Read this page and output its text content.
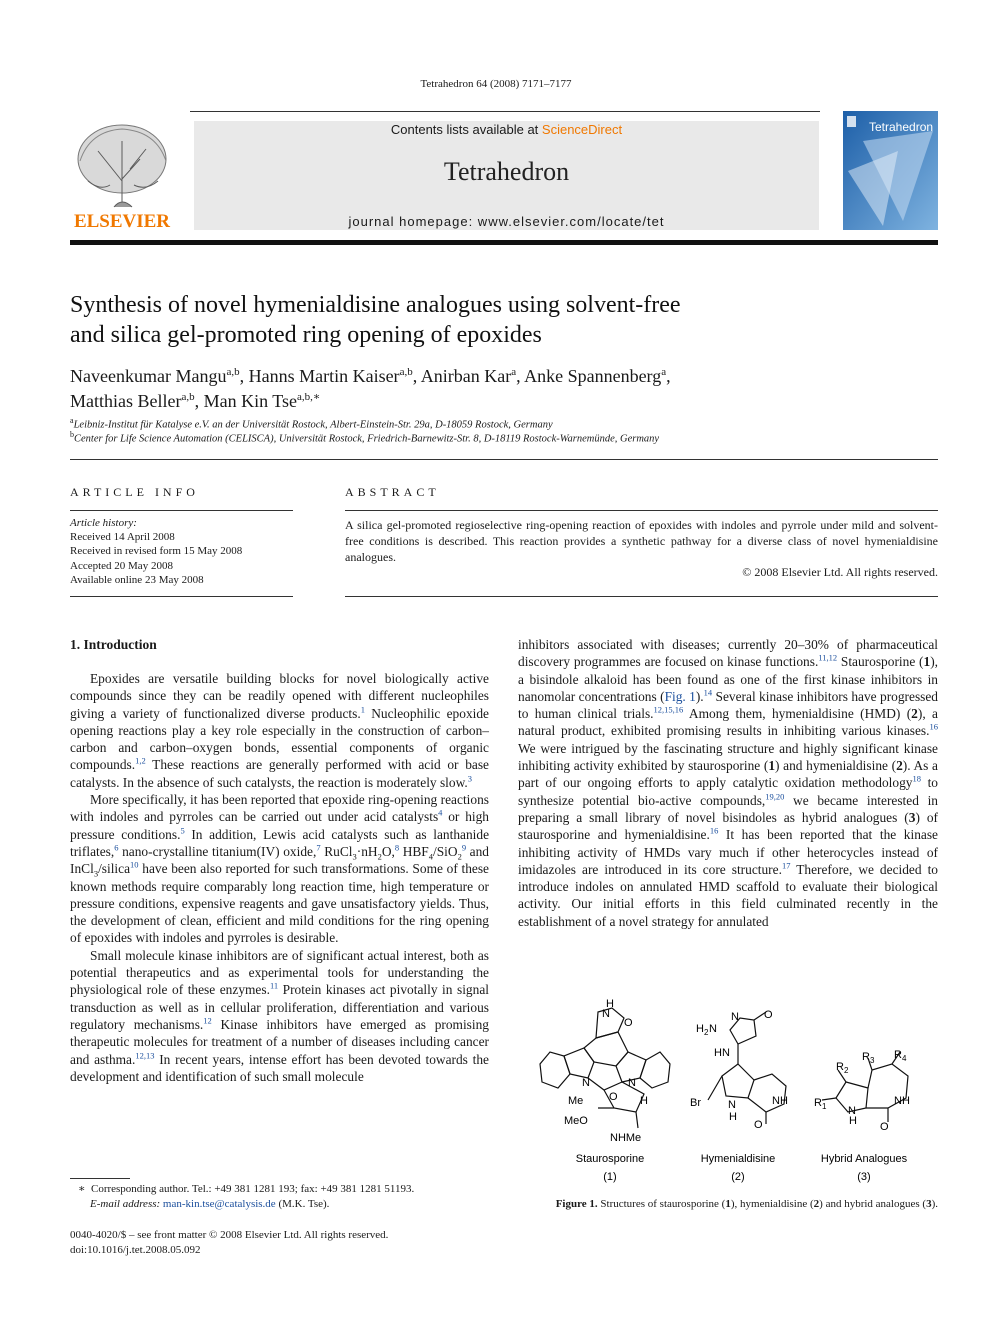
Tetrahedron 64 (2008) 7171–7177
ELSEVIER
Contents lists available at ScienceDirect
Tetrahedron
journal homepage: www.elsevier.com/locate/tet
Tetrahedron
Synthesis of novel hymenialdisine analogues using solvent-free
and silica gel-promoted ring opening of epoxides
Naveenkumar Mangu$^{a,b}$, Hanns Martin Kaiser$^{a,b}$, Anirban Kar$^a$, Anke Spannenberg$^a$,
Matthias Beller$^{a,b}$, Man Kin Tse$^{a,b,∗}$
$^a$Leibniz-Institut für Katalyse e.V. an der Universität Rostock, Albert-Einstein-Str. 29a, D-18059 Rostock, Germany
$^b$Center for Life Science Automation (CELISCA), Universität Rostock, Friedrich-Barnewitz-Str. 8, D-18119 Rostock-Warnemünde, Germany
ARTICLE INFO
Article history:
Received 14 April 2008
Received in revised form 15 May 2008
Accepted 20 May 2008
Available online 23 May 2008
ABSTRACT
A silica gel-promoted regioselective ring-opening reaction of epoxides with indoles and pyrrole under mild and solvent-free conditions is described. This reaction provides a synthetic pathway for a diverse class of novel hymenialdisine analogues.
© 2008 Elsevier Ltd. All rights reserved.
1. Introduction

Epoxides are versatile building blocks for novel biologically active compounds since they can be readily opened with different nucleophiles giving a variety of functionalized diverse products.$^1$ Nucleophilic epoxide opening reactions play a key role especially in the construction of carbon–carbon and carbon–oxygen bonds, essential components of organic compounds.$^{1,2}$ These reactions are generally performed with acid or base catalysts. In the absence of such catalysts, the reaction is moderately slow.$^3$

More specifically, it has been reported that epoxide ring-opening reactions with indoles and pyrroles can be carried out under acid catalysts$^4$ or high pressure conditions.$^5$ In addition, Lewis acid catalysts such as lanthanide triflates,$^6$ nano-crystalline titanium(IV) oxide,$^7$ $RuCl_3\cdot nH_2O,^8$ $HBF_4/SiO_2^9$ and InCl$_3$/silica$^{10}$ have been also reported for such transformations. Some of these known methods require comparably long reaction time, high temperature or pressure conditions, expensive reagents and gave unsatisfactory yields. Thus, the development of clean, efficient and mild conditions for the ring opening of epoxides with indoles and pyrroles is desirable.

Small molecule kinase inhibitors are of significant actual interest, both as potential therapeutics and as experimental tools for understanding the physiological role of these enzymes.$^{11}$ Protein kinases act pivotally in signal transduction as well as in cellular proliferation, differentiation and various regulatory mechanisms.$^{12}$ Kinase inhibitors have emerged as promising therapeutic molecules for treatment of a number of diseases including cancer and asthma.$^{12,13}$ In recent years, intense effort has been devoted towards the development and identification of such small molecule

inhibitors associated with diseases; currently 20–30% of pharmaceutical discovery programmes are focused on kinase functions.$^{11,12}$ Staurosporine (1), a bisindole alkaloid has been found as one of the first kinase inhibitors in nanomolar concentrations (Fig. 1).$^{14}$ Several kinase inhibitors have progressed to human clinical trials.$^{12,15,16}$ Among them, hymenialdisine (HMD) (2), a natural product, exhibited promising results in inhibiting various kinases.$^{16}$ We were intrigued by the fascinating structure and highly significant kinase inhibiting activity exhibited by staurosporine (1) and hymenialdisine (2). As a part of our ongoing efforts to apply catalytic oxidation methodology$^{18}$ to synthesize potential bio-active compounds,$^{19,20}$ we became interested in preparing a small library of novel bisindoles as hybrid analogues (3) of staurosporine and hymenialdisine.$^{16}$ It has been reported that the kinase inhibiting activity of HMDs vary much if other heterocycles instead of imidazoles are introduced in its core structure.$^{17}$ Therefore, we decided to introduce indoles on annulated HMD scaffold to evaluate their biological activity. Our initial efforts in this field culminated recently in the establishment of a novel strategy for annulated
H
N
O
N	N
O
Me
MeO
H
NHMe
Staurosporine
(1)
H 2 N
N
HN
O
Br N
H
NH
O
Hymenialdisine
(2)
R 2
R 3 R 4
R 1 N
H
NH
O
Hybrid Analogues
(3)
Figure 1. Structures of staurosporine (1), hymenialdisine (2) and hybrid analogues (3).
∗ Corresponding author. Tel.: +49 381 1281 193; fax: +49 381 1281 51193.
E-mail address: man-kin.tse@catalysis.de (M.K. Tse).
0040-4020/$ – see front matter © 2008 Elsevier Ltd. All rights reserved.
doi:10.1016/j.tet.2008.05.092
